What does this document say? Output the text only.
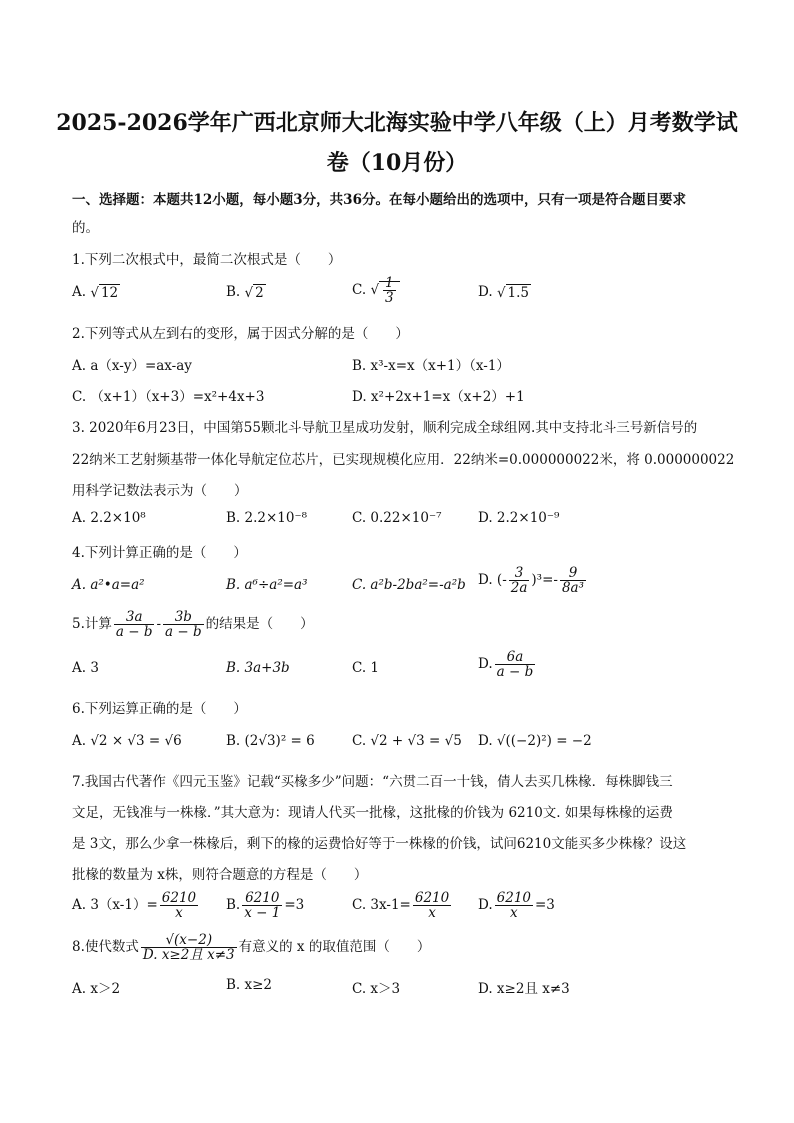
2025-2026学年广西北京师大北海实验中学八年级（上）月考数学试
卷（10月份）
一、选择题：本题共12小题，每小题3分，共36分。在每小题给出的选项中，只有一项是符合题目要求
的。
1.下列二次根式中，最简二次根式是（　　）
A. √ 12	B. √ 2	C. √ $\frac{1}{3}$	D. √ 1.5
2.下列等式从左到右的变形，属于因式分解的是（　　）
A. a（x-y）=ax-ay	B. x³-x=x（x+1）（x-1）
C. （x+1）（x+3）=x²+4x+3	D. x²+2x+1=x（x+2）+1
3. 2020年6月23日，中国第55颗北斗导航卫星成功发射，顺利完成全球组网.其中支持北斗三号新信号的
22纳米工艺射频基带一体化导航定位芯片，已实现规模化应用．22纳米=0.000000022米，将 0.000000022
用科学记数法表示为（　　）
A. 2.2×10⁸	B. 2.2×10⁻⁸	C. 0.22×10⁻⁷	D. 2.2×10⁻⁹
4.下列计算正确的是（　　）
A. a²•a=a²	B. a⁶÷a²=a³	C. a²b-2ba²=-a²b D. (- $\frac{3}{2a} )^3=- \frac{9}{\text{8a³}}$
5.计算 $\frac{3a}{a - b} - \frac{3b}{a - b}$ 的结果是（　　）
A. 3	B. 3a+3b	C. 1	D. $\frac{6a}{a - b}$
6.下列运算正确的是（　　）
A. √2 × √3 = √6	B. (2√3)² = 6	C. √2 + √3 = √5 D. √((−2)²) = −2
7.我国古代著作《四元玉鉴》记载“买椽多少”问题：“六贯二百一十钱，倩人去买几株椽．每株脚钱三
文足，无钱准与一株椽．”其大意为：现请人代买一批椽，这批椽的价钱为 6210文. 如果每株椽的运费
是 3文，那么少拿一株椽后，剩下的椽的运费恰好等于一株椽的价钱，试问6210文能买多少株椽？设这
批椽的数量为 x株，则符合题意的方程是（　　）
A. $3(x-1)= \frac{6210}{x} B$. $\frac{6210}{x - 1} =3$	C. $3x-1= \frac{6210}{x} D$. $\frac{6210}{x} =3$
8.使代数式 $\frac{√(x-2)}{\text{D. x≥2且 x≠3}}$ 有意义的 x 的取值范围（　　）
A. x＞2	B. x≥2	C. x＞3	D. x≥2且 x≠3
